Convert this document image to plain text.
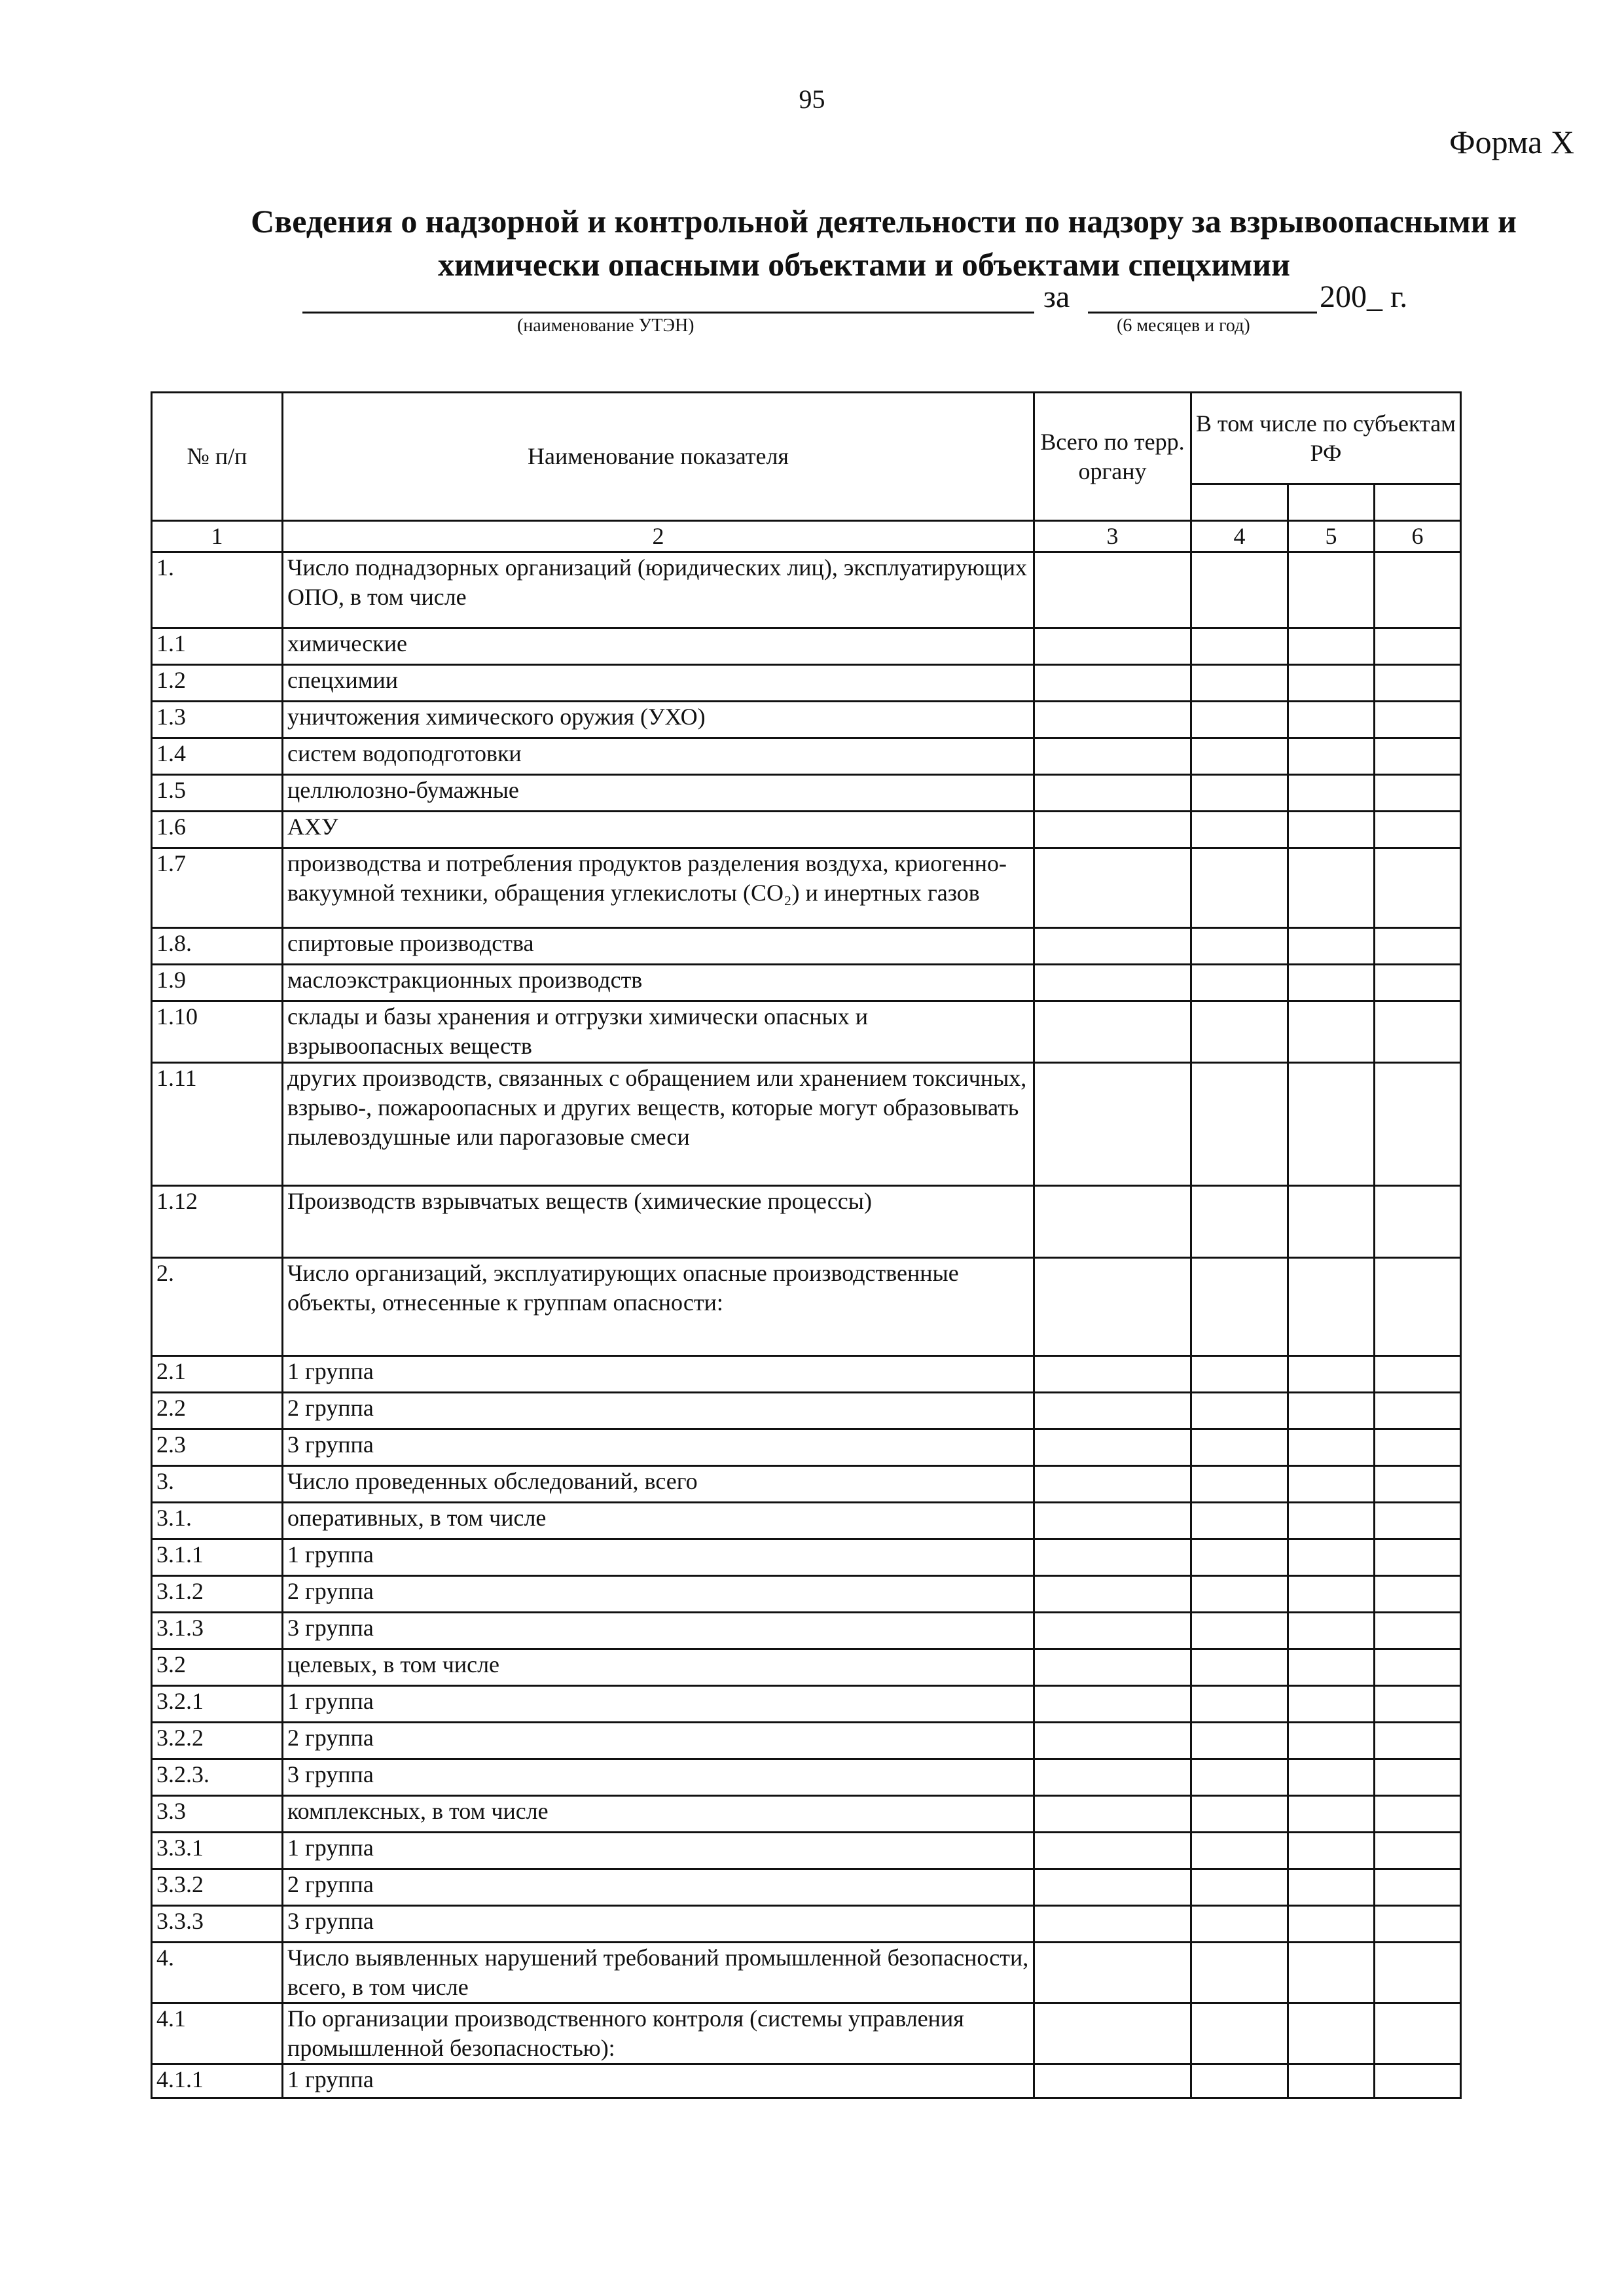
95
Форма X
Сведения о надзорной и контрольной деятельности по надзору за взрывоопасными и

химически опасными объектами и объектами спецхимии
за	200_ г.
(наименование УТЭН)	(6 месяцев и год)
№ п/п	Наименование показателя	Всего по терр. органу	В том числе по субъектам РФ		

1	2	3	4	5	6
1.	Число поднадзорных организаций (юридических лиц), эксплуатирующих ОПО, в том числе				
1.1	химические				
1.2	спецхимии				
1.3	уничтожения химического оружия (УХО)				
1.4	систем водоподготовки				
1.5	целлюлозно-бумажные				
1.6	АХУ				
1.7	производства и потребления продуктов разделения воздуха, криогенно-вакуумной техники, обращения углекислоты (CO₂) и инертных газов				
1.8.	спиртовые производства				
1.9	маслоэкстракционных производств				
1.10	склады и базы хранения и отгрузки химически опасных и взрывоопасных веществ				
1.11	других производств, связанных с обращением или хранением токсичных, взрыво-, пожароопасных и других веществ, которые могут образовывать пылевоздушные или парогазовые смеси				
1.12	Производств взрывчатых веществ (химические процессы)				
2.	Число организаций, эксплуатирующих опасные производственные объекты, отнесенные к группам опасности:				
2.1	1 группа				
2.2	2 группа				
2.3	3 группа				
3.	Число проведенных обследований, всего				
3.1.	оперативных, в том числе				
3.1.1	1 группа				
3.1.2	2 группа				
3.1.3	3 группа				
3.2	целевых, в том числе				
3.2.1	1 группа				
3.2.2	2 группа				
3.2.3.	3 группа				
3.3	комплексных, в том числе				
3.3.1	1 группа				
3.3.2	2 группа				
3.3.3	3 группа				
4.	Число выявленных нарушений требований промышленной безопасности, всего, в том числе				
4.1	По организации производственного контроля (системы управления промышленной безопасностью):				
4.1.1	1 группа				
